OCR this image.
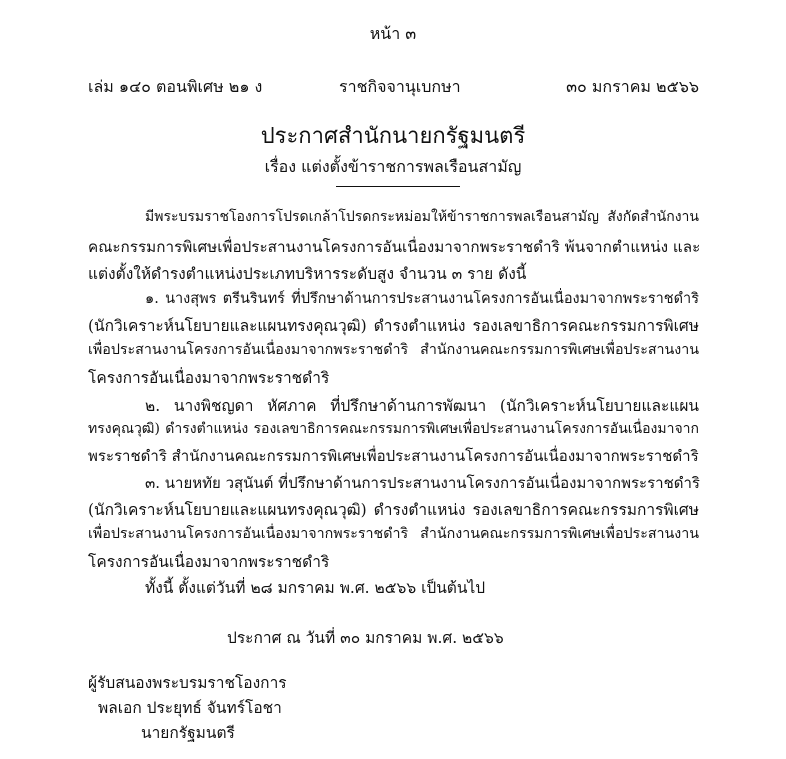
หน้า ๓
เล่ม ๑๔๐ ตอนพิเศษ ๒๑ ง	ราชกิจจานุเบกษา	๓๐ มกราคม ๒๕๖๖
ประกาศสำนักนายกรัฐมนตรี
เรื่อง แต่งตั้งข้าราชการพลเรือนสามัญ
มีพระบรมราชโองการโปรดเกล้าโปรดกระหม่อมให้ข้าราชการพลเรือนสามัญ สังกัดสำนักงาน
คณะกรรมการพิเศษเพื่อประสานงานโครงการอันเนื่องมาจากพระราชดำริ พ้นจากตำแหน่ง และ
แต่งตั้งให้ดำรงตำแหน่งประเภทบริหารระดับสูง จำนวน ๓ ราย ดังนี้
๑. นางสุพร ตรีนรินทร์ ที่ปรึกษาด้านการประสานงานโครงการอันเนื่องมาจากพระราชดำริ
(นักวิเคราะห์นโยบายและแผนทรงคุณวุฒิ) ดำรงตำแหน่ง รองเลขาธิการคณะกรรมการพิเศษ
เพื่อประสานงานโครงการอันเนื่องมาจากพระราชดำริ สำนักงานคณะกรรมการพิเศษเพื่อประสานงาน
โครงการอันเนื่องมาจากพระราชดำริ
๒. นางพิชญดา หัศภาค ที่ปรึกษาด้านการพัฒนา (นักวิเคราะห์นโยบายและแผน
ทรงคุณวุฒิ) ดำรงตำแหน่ง รองเลขาธิการคณะกรรมการพิเศษเพื่อประสานงานโครงการอันเนื่องมาจาก
พระราชดำริ สำนักงานคณะกรรมการพิเศษเพื่อประสานงานโครงการอันเนื่องมาจากพระราชดำริ
๓. นายหทัย วสุนันต์ ที่ปรึกษาด้านการประสานงานโครงการอันเนื่องมาจากพระราชดำริ
(นักวิเคราะห์นโยบายและแผนทรงคุณวุฒิ) ดำรงตำแหน่ง รองเลขาธิการคณะกรรมการพิเศษ
เพื่อประสานงานโครงการอันเนื่องมาจากพระราชดำริ สำนักงานคณะกรรมการพิเศษเพื่อประสานงาน
โครงการอันเนื่องมาจากพระราชดำริ
ทั้งนี้ ตั้งแต่วันที่ ๒๘ มกราคม พ.ศ. ๒๕๖๖ เป็นต้นไป
ประกาศ ณ วันที่ ๓๐ มกราคม พ.ศ. ๒๕๖๖
ผู้รับสนองพระบรมราชโองการ
พลเอก ประยุทธ์ จันทร์โอชา
นายกรัฐมนตรี
